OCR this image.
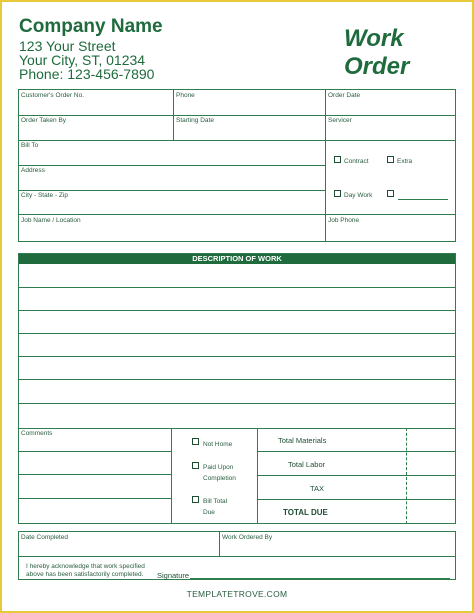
Company Name
123 Your Street
Your City, ST, 01234
Phone: 123-456-7890
Work
Order
Customer's Order No.	Phone	Order Date
Order Taken By	Starting Date	Servicer
Bill To
Address
City - State - Zip
Job Name / Location	Job Phone
Contract	Extra
Day Work
DESCRIPTION OF WORK
Comments
Not Home
Paid Upon
Completion
Bill Total
Due
Total Materials
Total Labor
TAX
TOTAL DUE
Date Completed	Work Ordered By
I hereby acknowledge that work specified
above has been satisfactorily completed. Signature
TEMPLATETROVE.COM
